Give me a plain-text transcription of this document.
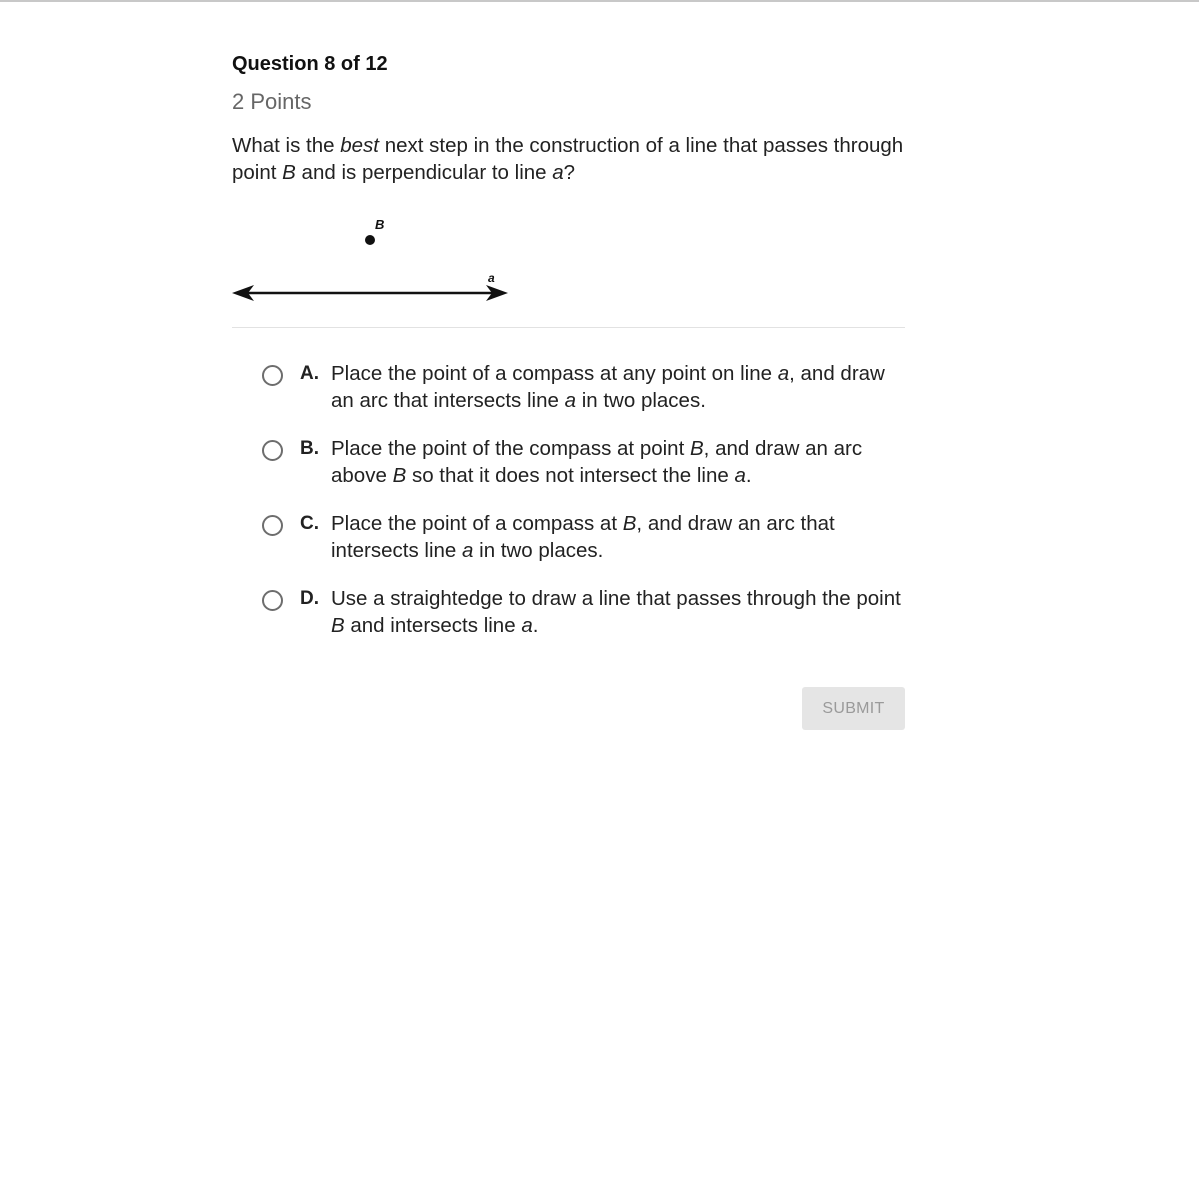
Question 8 of 12
2 Points
What is the best next step in the construction of a line that passes through point B and is perpendicular to line a?
B
a
A. Place the point of a compass at any point on line a, and draw an arc that intersects line a in two places.
B. Place the point of the compass at point B, and draw an arc above B so that it does not intersect the line a.
C. Place the point of a compass at B, and draw an arc that intersects line a in two places.
D. Use a straightedge to draw a line that passes through the point B and intersects line a.
SUBMIT
